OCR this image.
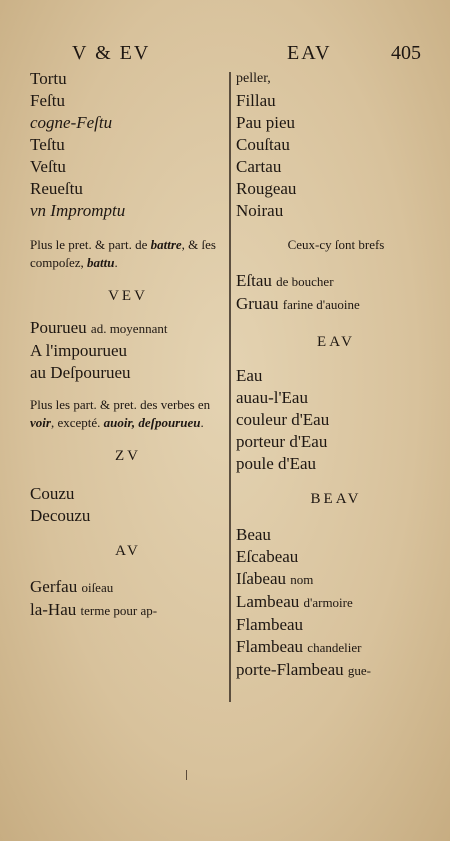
V & EV	EAV	405
Tortu
Feſtu
cogne-Feſtu
Teſtu
Veſtu
Reueſtu
vn Impromptu
Plus le pret. & part. de battre, & ſes compoſez, battu.
VEV
Pourueu ad. moyennant
A l'impourueu
au Deſpourueu
Plus les part. & pret. des verbes en voir, excepté. auoir, deſpourueu.
ZV
Couzu
Decouzu
AV
Gerfau oiſeau
la-Hau terme pour ap-
peller,
Fillau
Pau pieu
Couſtau
Cartau
Rougeau
Noirau
Ceux-cy ſont brefs
Eſtau de boucher
Gruau farine d'auoine
EAV
Eau
auau-l'Eau
couleur d'Eau
porteur d'Eau
poule d'Eau
BEAV
Beau
Eſcabeau
Iſabeau nom
Lambeau d'armoire
Flambeau
Flambeau chandelier
porte-Flambeau gue-
